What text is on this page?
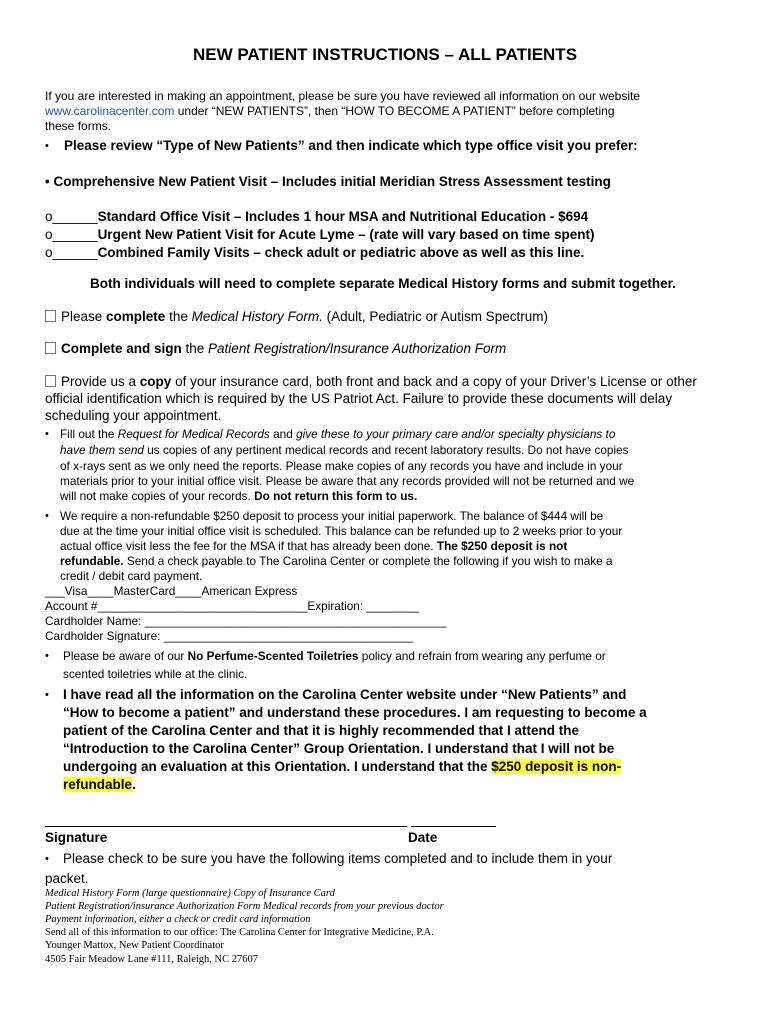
NEW PATIENT INSTRUCTIONS – ALL PATIENTS
If you are interested in making an appointment, please be sure you have reviewed all information on our website
www.carolinacenter.com under “NEW PATIENTS”, then “HOW TO BECOME A PATIENT” before completing
these forms.
• Please review “Type of New Patients” and then indicate which type office visit you prefer:
• Comprehensive New Patient Visit – Includes initial Meridian Stress Assessment testing
o______Standard Office Visit – Includes 1 hour MSA and Nutritional Education - $694
o______Urgent New Patient Visit for Acute Lyme – (rate will vary based on time spent)
o______Combined Family Visits – check adult or pediatric above as well as this line.
Both individuals will need to complete separate Medical History forms and submit together.
Please complete the Medical History Form. (Adult, Pediatric or Autism Spectrum)
Complete and sign the Patient Registration/Insurance Authorization Form
Provide us a copy of your insurance card, both front and back and a copy of your Driver’s License or other
official identification which is required by the US Patriot Act. Failure to provide these documents will delay
scheduling your appointment.
• Fill out the Request for Medical Records and give these to your primary care and/or specialty physicians to
have them send us copies of any pertinent medical records and recent laboratory results. Do not have copies
of x-rays sent as we only need the reports. Please make copies of any records you have and include in your
materials prior to your initial office visit. Please be aware that any records provided will not be returned and we
will not make copies of your records. Do not return this form to us.
• We require a non-refundable $250 deposit to process your initial paperwork. The balance of $444 will be
due at the time your initial office visit is scheduled. This balance can be refunded up to 2 weeks prior to your
actual office visit less the fee for the MSA if that has already been done. The $250 deposit is not
refundable. Send a check payable to The Carolina Center or complete the following if you wish to make a
credit / debit card payment.
___Visa____MasterCard____American Express
Account #________________________________Expiration: ________
Cardholder Name: ______________________________________________
Cardholder Signature: ______________________________________
• Please be aware of our No Perfume-Scented Toiletries policy and refrain from wearing any perfume or
scented toiletries while at the clinic.
• I have read all the information on the Carolina Center website under “New Patients” and
“How to become a patient” and understand these procedures. I am requesting to become a
patient of the Carolina Center and that it is highly recommended that I attend the
“Introduction to the Carolina Center” Group Orientation. I understand that I will not be
undergoing an evaluation at this Orientation. I understand that the $250 deposit is non-
refundable.
Signature	Date
• Please check to be sure you have the following items completed and to include them in your
packet.
Medical History Form (large questionnaire) Copy of Insurance Card
Patient Registration/insurance Authorization Form Medical records from your previous doctor
Payment information, either a check or credit card information
Send all of this information to our office: The Carolina Center for Integrative Medicine, P.A.
Younger Mattox, New Patient Coordinator
4505 Fair Meadow Lane #111, Raleigh, NC 27607
